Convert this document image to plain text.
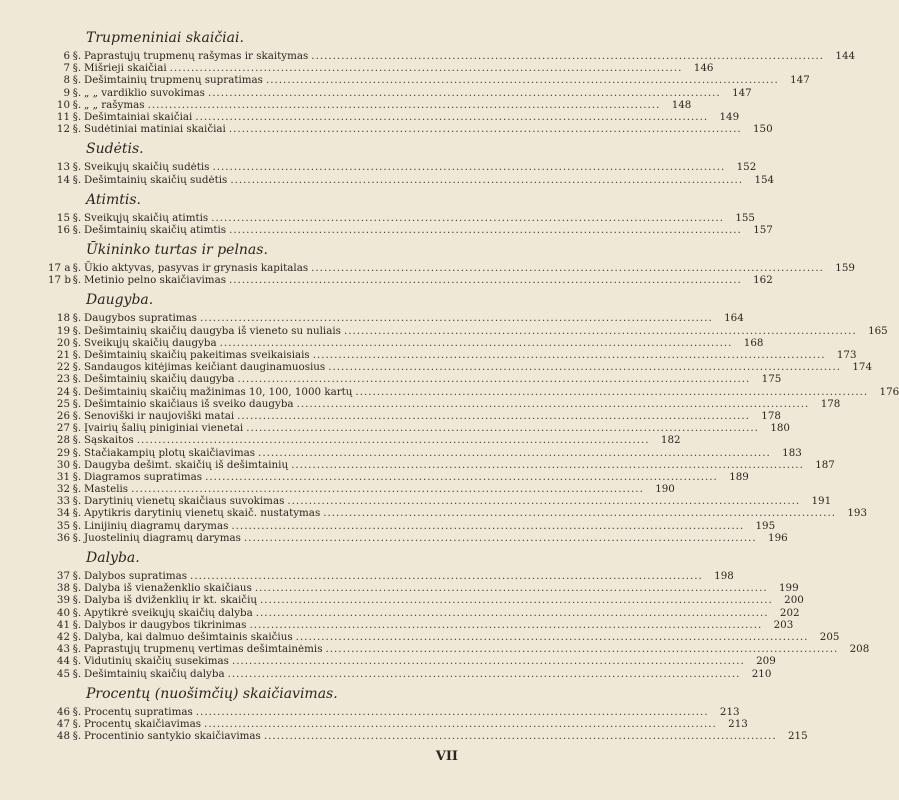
Trupmeniniai skaičiai.
6 §. Paprastųjų trupmenų rašymas ir skaitymas ........................................................................................................................	144
7 §. Mišrieji skaičiai ........................................................................................................................	146
8 §. Dešimtainių trupmenų supratimas ........................................................................................................................	147
9 §. „ „ vardiklio suvokimas ........................................................................................................................	147
10 §. „ „ rašymas ........................................................................................................................	148
11 §. Dešimtainiai skaičiai ........................................................................................................................	149
12 §. Sudėtiniai matiniai skaičiai ........................................................................................................................	150
Sudėtis.
13 §. Sveikųjų skaičių sudėtis ........................................................................................................................	152
14 §. Dešimtainių skaičių sudėtis ........................................................................................................................	154
Atimtis.
15 §. Sveikųjų skaičių atimtis ........................................................................................................................	155
16 §. Dešimtainių skaičių atimtis ........................................................................................................................	157
Ūkininko turtas ir pelnas.
17 a §. Ūkio aktyvas, pasyvas ir grynasis kapitalas ........................................................................................................................	159
17 b §. Metinio pelno skaičiavimas ........................................................................................................................	162
Daugyba.
18 §. Daugybos supratimas ........................................................................................................................	164
19 §. Dešimtainių skaičių daugyba iš vieneto su nuliais ........................................................................................................................	165
20 §. Sveikųjų skaičių daugyba ........................................................................................................................	168
21 §. Dešimtainių skaičių pakeitimas sveikaisiais ........................................................................................................................	173
22 §. Sandaugos kitėjimas keičiant dauginamuosius ........................................................................................................................	174
23 §. Dešimtainių skaičių daugyba ........................................................................................................................	175
24 §. Dešimtainių skaičių mažinimas 10, 100, 1000 kartų ........................................................................................................................	176
25 §. Dešimtainio skaičiaus iš sveiko daugyba ........................................................................................................................	178
26 §. Senoviški ir naujoviški matai ........................................................................................................................	178
27 §. Įvairių šalių piniginiai vienetai ........................................................................................................................	180
28 §. Sąskaitos ........................................................................................................................	182
29 §. Stačiakampių plotų skaičiavimas ........................................................................................................................	183
30 §. Daugyba dešimt. skaičių iš dešimtainių ........................................................................................................................	187
31 §. Diagramos supratimas ........................................................................................................................	189
32 §. Mastelis ........................................................................................................................	190
33 §. Darytinių vienetų skaičiaus suvokimas ........................................................................................................................	191
34 §. Apytikris darytinių vienetų skaič. nustatymas ........................................................................................................................	193
35 §. Linijinių diagramų darymas ........................................................................................................................	195
36 §. Juostelinių diagramų darymas ........................................................................................................................	196
Dalyba.
37 §. Dalybos supratimas ........................................................................................................................	198
38 §. Dalyba iš vienaženklio skaičiaus ........................................................................................................................	199
39 §. Dalyba iš dviženklių ir kt. skaičių ........................................................................................................................	200
40 §. Apytikrė sveikųjų skaičių dalyba ........................................................................................................................	202
41 §. Dalybos ir daugybos tikrinimas ........................................................................................................................	203
42 §. Dalyba, kai dalmuo dešimtainis skaičius ........................................................................................................................	205
43 §. Paprastųjų trupmenų vertimas dešimtainėmis ........................................................................................................................	208
44 §. Vidutinių skaičių susekimas ........................................................................................................................	209
45 §. Dešimtainių skaičių dalyba ........................................................................................................................	210
Procentų (nuošimčių) skaičiavimas.
46 §. Procentų supratimas ........................................................................................................................	213
47 §. Procentų skaičiavimas ........................................................................................................................	213
48 §. Procentinio santykio skaičiavimas ........................................................................................................................	215
VII
